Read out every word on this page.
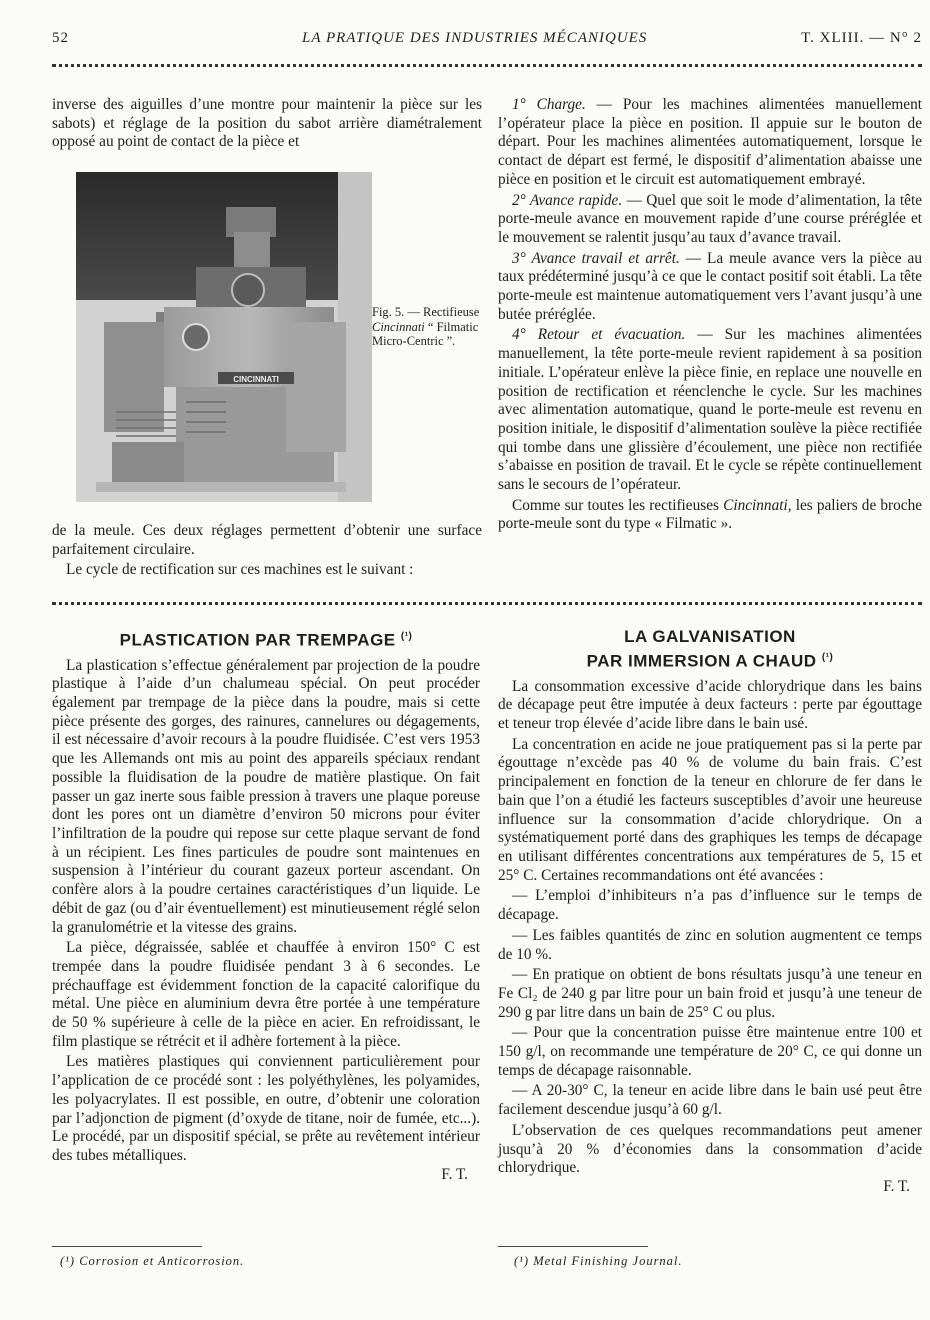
52	LA PRATIQUE DES INDUSTRIES MÉCANIQUES	T. XLIII. — N° 2

inverse des aiguilles d’une montre pour maintenir la pièce sur les sabots) et réglage de la position du sabot arrière diamétralement opposé au point de contact de la pièce et

CINCINNATI
Fig. 5. — Rectifieuse Cincinnati “ Filmatic Micro-Centric ”.

de la meule. Ces deux réglages permettent d’obtenir une surface parfaitement circulaire.

Le cycle de rectification sur ces machines est le suivant :

1° Charge. — Pour les machines alimentées manuellement l’opérateur place la pièce en position. Il appuie sur le bouton de départ. Pour les machines alimentées automatiquement, lorsque le contact de départ est fermé, le dispositif d’alimentation abaisse une pièce en position et le circuit est automatiquement embrayé.

2° Avance rapide. — Quel que soit le mode d’alimentation, la tête porte-meule avance en mouvement rapide d’une course préréglée et le mouvement se ralentit jusqu’au taux d’avance travail.

3° Avance travail et arrêt. — La meule avance vers la pièce au taux prédéterminé jusqu’à ce que le contact positif soit établi. La tête porte-meule est maintenue automatiquement vers l’avant jusqu’à une butée préréglée.

4° Retour et évacuation. — Sur les machines alimentées manuellement, la tête porte-meule revient rapidement à sa position initiale. L’opérateur enlève la pièce finie, en replace une nouvelle en position de rectification et réenclenche le cycle. Sur les machines avec alimentation automatique, quand le porte-meule est revenu en position initiale, le dispositif d’alimentation soulève la pièce rectifiée qui tombe dans une glissière d’écoulement, une pièce non rectifiée s’abaisse en position de travail. Et le cycle se répète continuellement sans le secours de l’opérateur.

Comme sur toutes les rectifieuses Cincinnati, les paliers de broche porte-meule sont du type « Filmatic ».

PLASTICATION PAR TREMPAGE $^{(^1)}$

La plastication s’effectue généralement par projection de la poudre plastique à l’aide d’un chalumeau spécial. On peut procéder également par trempage de la pièce dans la poudre, mais si cette pièce présente des gorges, des rainures, cannelures ou dégagements, il est nécessaire d’avoir recours à la poudre fluidisée. C’est vers 1953 que les Allemands ont mis au point des appareils spéciaux rendant possible la fluidisation de la poudre de matière plastique. On fait passer un gaz inerte sous faible pression à travers une plaque poreuse dont les pores ont un diamètre d’environ 50 microns pour éviter l’infiltration de la poudre qui repose sur cette plaque servant de fond à un récipient. Les fines particules de poudre sont maintenues en suspension à l’intérieur du courant gazeux porteur ascendant. On confère alors à la poudre certaines caractéristiques d’un liquide. Le débit de gaz (ou d’air éventuellement) est minutieusement réglé selon la granulométrie et la vitesse des grains.

La pièce, dégraissée, sablée et chauffée à environ 150° C est trempée dans la poudre fluidisée pendant 3 à 6 secondes. Le préchauffage est évidemment fonction de la capacité calorifique du métal. Une pièce en aluminium devra être portée à une température de 50 % supérieure à celle de la pièce en acier. En refroidissant, le film plastique se rétrécit et il adhère fortement à la pièce.

Les matières plastiques qui conviennent particulièrement pour l’application de ce procédé sont : les polyéthylènes, les polyamides, les polyacrylates. Il est possible, en outre, d’obtenir une coloration par l’adjonction de pigment (d’oxyde de titane, noir de fumée, etc...). Le procédé, par un dispositif spécial, se prête au revêtement intérieur des tubes métalliques.

F. T.
LA GALVANISATION
PAR IMMERSION A CHAUD $^{(^1)}$

La consommation excessive d’acide chlorydrique dans les bains de décapage peut être imputée à deux facteurs : perte par égouttage et teneur trop élevée d’acide libre dans le bain usé.

La concentration en acide ne joue pratiquement pas si la perte par égouttage n’excède pas 40 % de volume du bain frais. C’est principalement en fonction de la teneur en chlorure de fer dans le bain que l’on a étudié les facteurs susceptibles d’avoir une heureuse influence sur la consommation d’acide chlorydrique. On a systématiquement porté dans des graphiques les temps de décapage en utilisant différentes concentrations aux températures de 5, 15 et 25° C. Certaines recommandations ont été avancées :

— L’emploi d’inhibiteurs n’a pas d’influence sur le temps de décapage.

— Les faibles quantités de zinc en solution augmentent ce temps de 10 %.

— En pratique on obtient de bons résultats jusqu’à une teneur en Fe Cl₂ de 240 g par litre pour un bain froid et jusqu’à une teneur de 290 g par litre dans un bain de 25° C ou plus.

— Pour que la concentration puisse être maintenue entre 100 et 150 g/l, on recommande une température de 20° C, ce qui donne un temps de décapage raisonnable.

— A 20-30° C, la teneur en acide libre dans le bain usé peut être facilement descendue jusqu’à 60 g/l.

L’observation de ces quelques recommandations peut amener jusqu’à 20 % d’économies dans la consommation d’acide chlorydrique.

F. T.
(¹) Corrosion et Anticorrosion.	(¹) Metal Finishing Journal.
